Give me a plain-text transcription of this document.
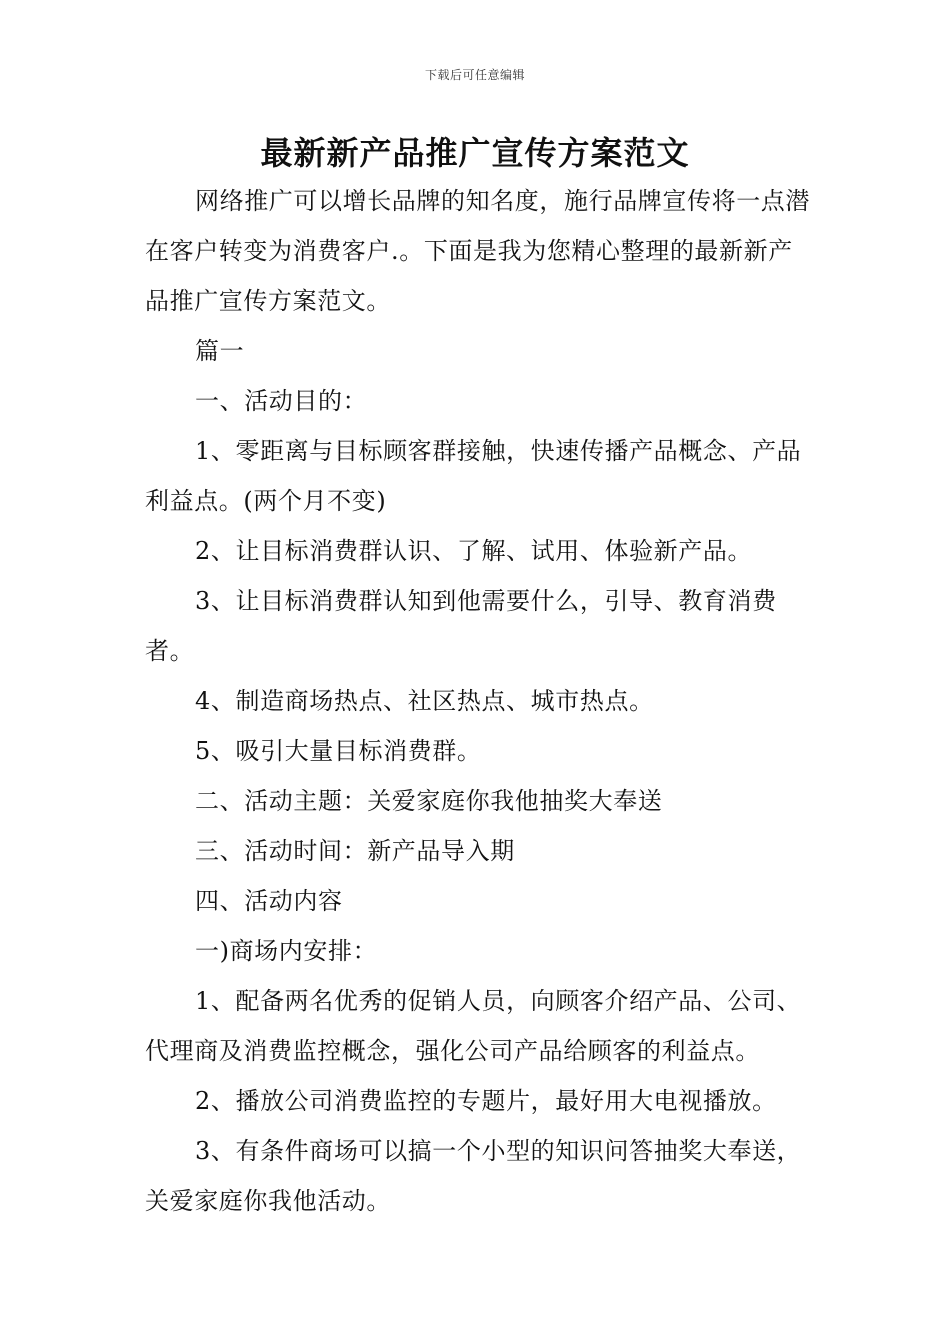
下载后可任意编辑
最新新产品推广宣传方案范文

网络推广可以增长品牌的知名度，施行品牌宣传将一点潜在客户转变为消费客户.。下面是我为您精心整理的最新新产品推广宣传方案范文。

篇一

一、活动目的：

1、零距离与目标顾客群接触，快速传播产品概念、产品利益点。(两个月不变)

2、让目标消费群认识、了解、试用、体验新产品。

3、让目标消费群认知到他需要什么，引导、教育消费者。

4、制造商场热点、社区热点、城市热点。

5、吸引大量目标消费群。

二、活动主题：关爱家庭你我他抽奖大奉送

三、活动时间：新产品导入期

四、活动内容

一)商场内安排：

1、配备两名优秀的促销人员，向顾客介绍产品、公司、代理商及消费监控概念，强化公司产品给顾客的利益点。

2、播放公司消费监控的专题片，最好用大电视播放。

3、有条件商场可以搞一个小型的知识问答抽奖大奉送，关爱家庭你我他活动。
